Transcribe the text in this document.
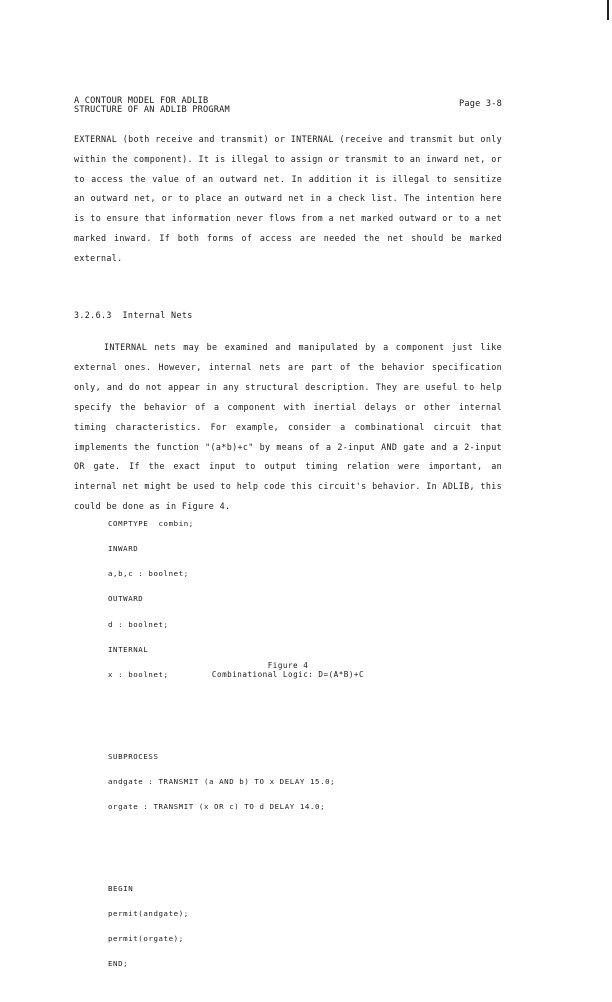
A CONTOUR MODEL FOR ADLIB
STRUCTURE OF AN ADLIB PROGRAM
Page 3-8

EXTERNAL (both receive and transmit) or INTERNAL (receive and transmit but only within the component). It is illegal to assign or transmit to an inward net, or to access the value of an outward net. In addition it is illegal to sensitize an outward net, or to place an outward net in a check list. The intention here is to ensure that information never flows from a net marked outward or to a net marked inward. If both forms of access are needed the net should be marked external.

3.2.6.3  Internal Nets

INTERNAL nets may be examined and manipulated by a component just like external ones. However, internal nets are part of the behavior specification only, and do not appear in any structural description. They are useful to help specify the behavior of a component with inertial delays or other internal timing characteristics. For example, consider a combinational circuit that implements the function "(a*b)+c" by means of a 2-input AND gate and a 2-input OR gate. If the exact input to output timing relation were important, an internal net might be used to help code this circuit's behavior. In ADLIB, this could be done as in Figure 4.

COMPTYPE  combin;

INWARD

a,b,c : boolnet;

OUTWARD

d : boolnet;

INTERNAL

x : boolnet;

SUBPROCESS

andgate : TRANSMIT (a AND b) TO x DELAY 15.0;

orgate : TRANSMIT (x OR c) TO d DELAY 14.0;

BEGIN

permit(andgate);

permit(orgate);

END;

Figure 4
Combinational Logic: D=(A*B)+C
